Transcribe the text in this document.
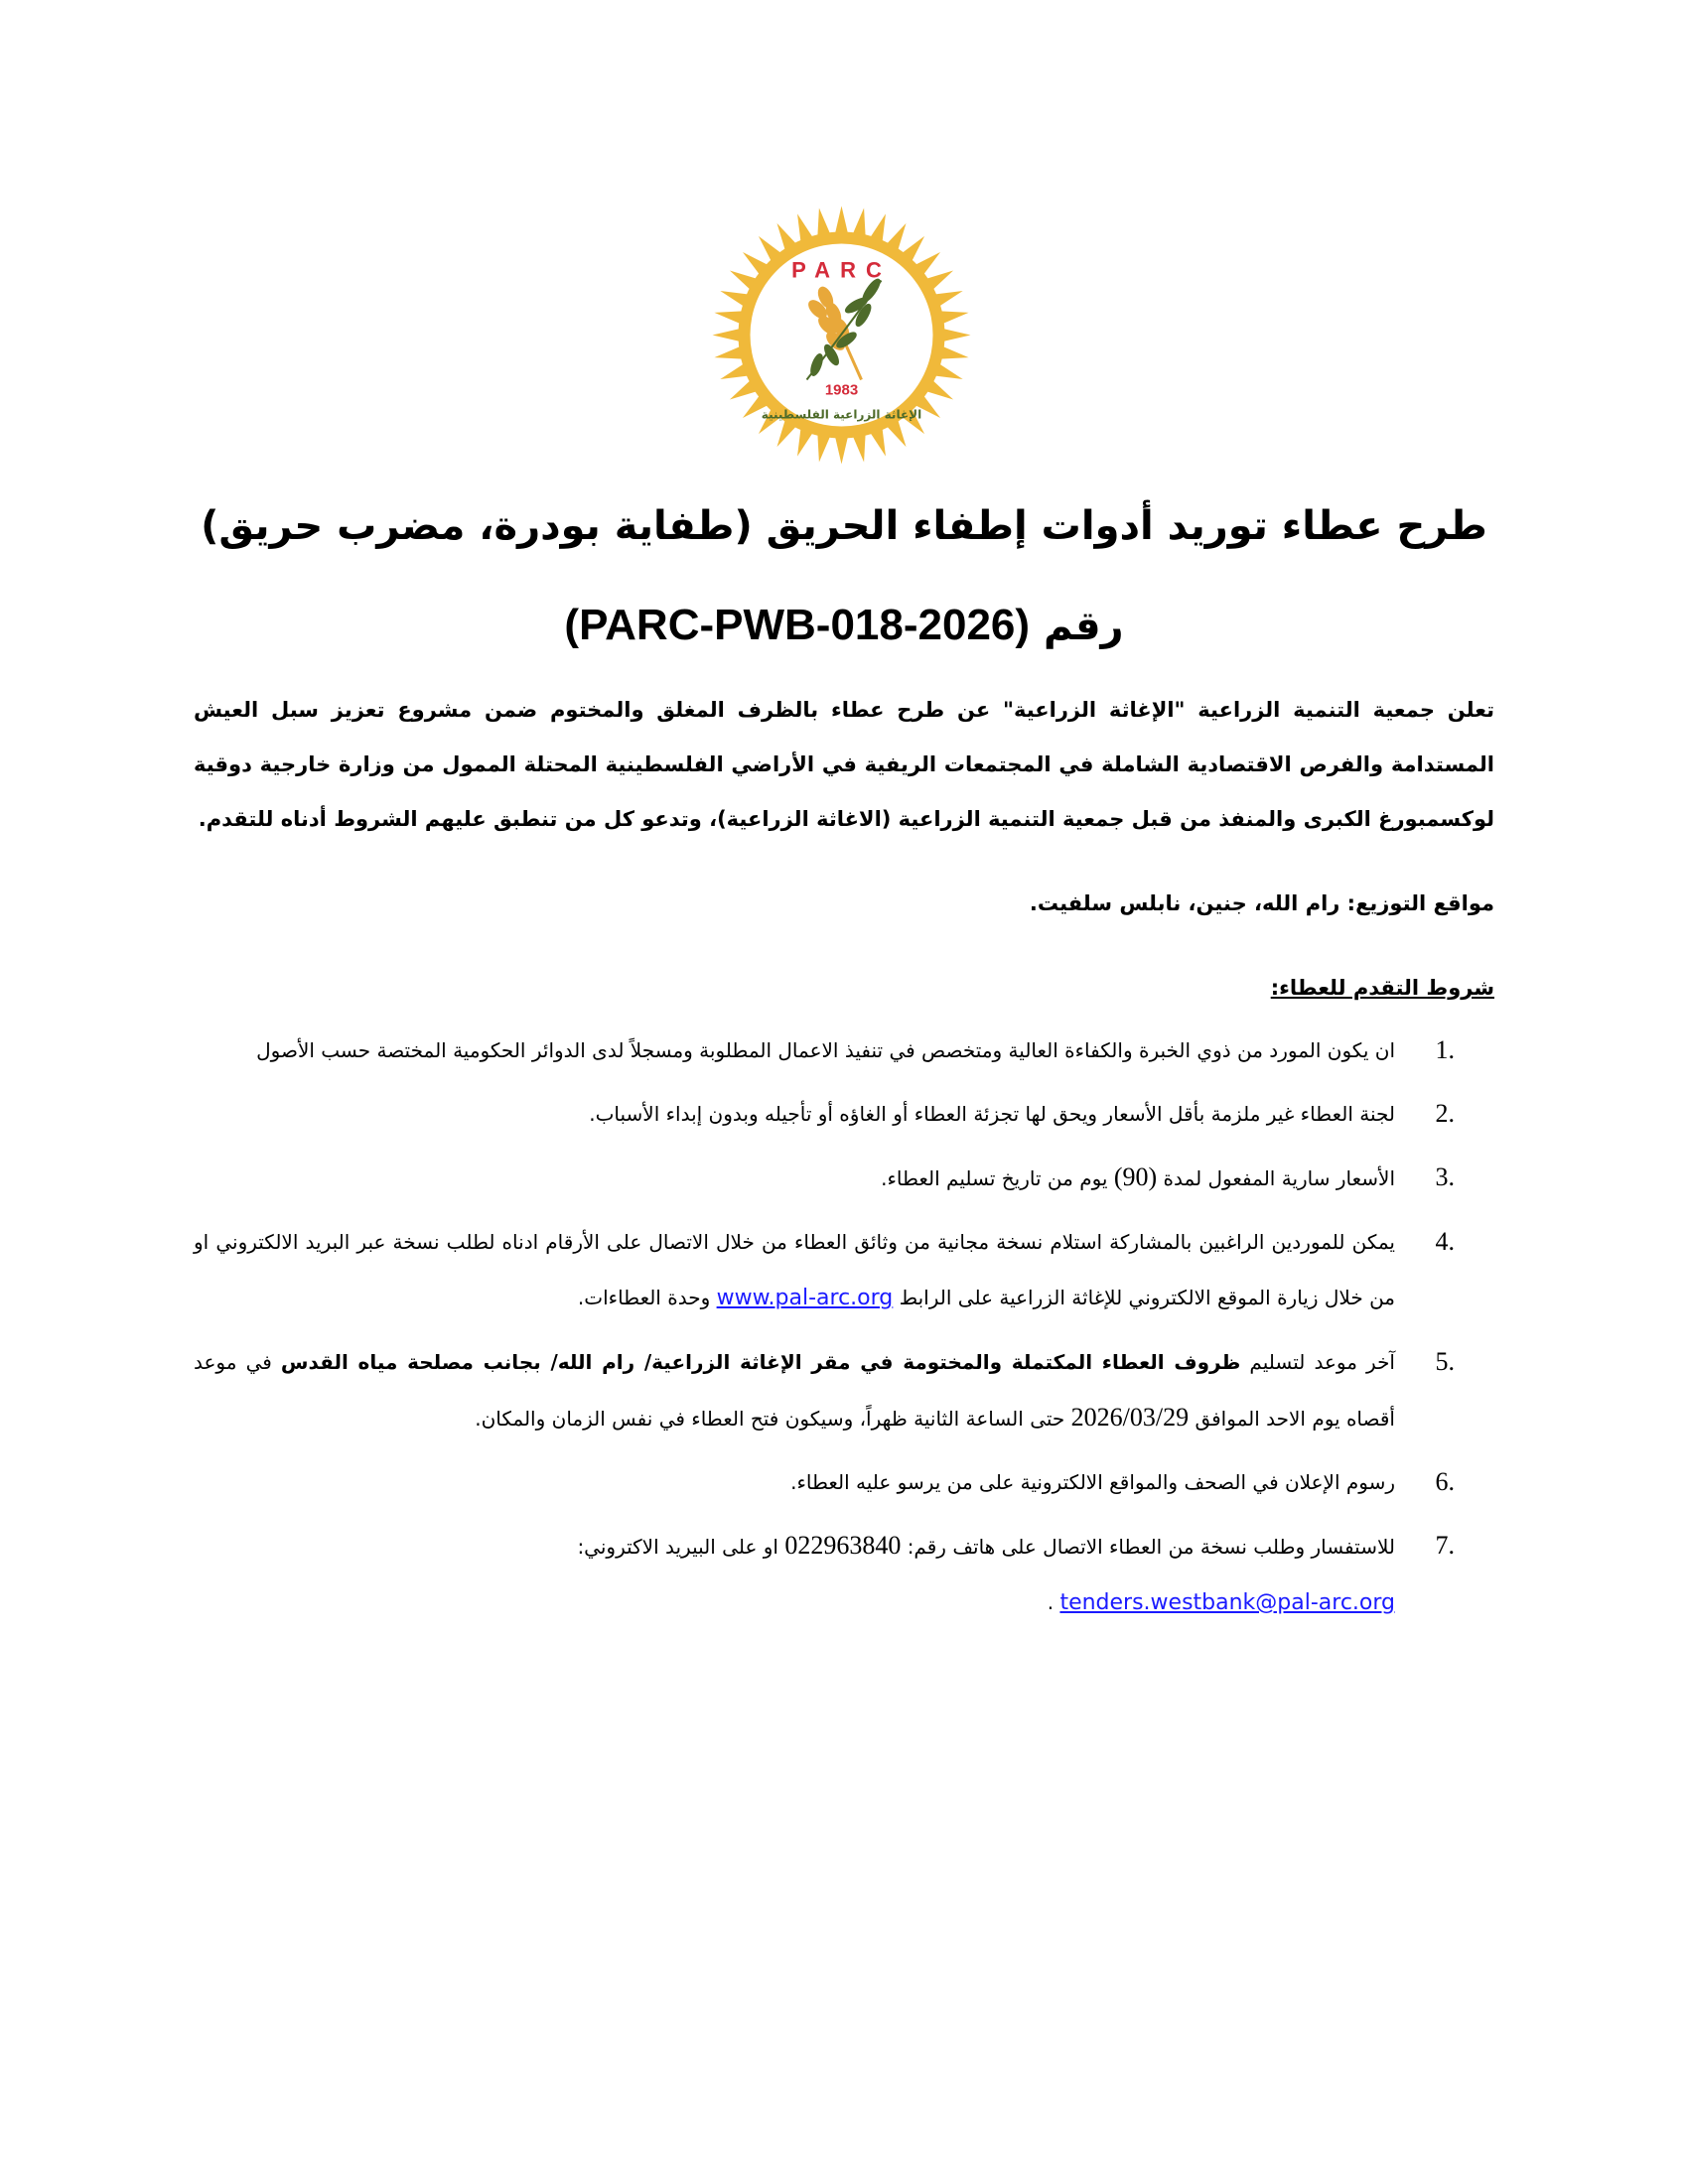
PARC
1983
الإغاثة الزراعية الفلسطينية
طرح عطاء توريد أدوات إطفاء الحريق (طفاية بودرة، مضرب حريق)
رقم (PARC-PWB-018-2026)
تعلن جمعية التنمية الزراعية "الإغاثة الزراعية" عن طرح عطاء بالظرف المغلق والمختوم ضمن مشروع تعزيز سبل العيش المستدامة والفرص الاقتصادية الشاملة في المجتمعات الريفية في الأراضي الفلسطينية المحتلة الممول من وزارة خارجية دوقية لوكسمبورغ الكبرى والمنفذ من قبل جمعية التنمية الزراعية (الاغاثة الزراعية)، وتدعو كل من تنطبق عليهم الشروط أدناه للتقدم.
مواقع التوزيع: رام الله، جنين، نابلس سلفيت.
شروط التقدم للعطاء:
1.
ان يكون المورد من ذوي الخبرة والكفاءة العالية ومتخصص في تنفيذ الاعمال المطلوبة ومسجلاً لدى الدوائر الحكومية المختصة حسب الأصول
2.
لجنة العطاء غير ملزمة بأقل الأسعار ويحق لها تجزئة العطاء أو الغاؤه أو تأجيله وبدون إبداء الأسباب.
3.
الأسعار سارية المفعول لمدة (90) يوم من تاريخ تسليم العطاء.
4.
يمكن للموردين الراغبين بالمشاركة استلام نسخة مجانية من وثائق العطاء من خلال الاتصال على الأرقام ادناه لطلب نسخة عبر البريد الالكتروني او من خلال زيارة الموقع الالكتروني للإغاثة الزراعية على الرابط www.pal-arc.org وحدة العطاءات.
5.
آخر موعد لتسليم ظروف العطاء المكتملة والمختومة في مقر الإغاثة الزراعية/ رام الله/ بجانب مصلحة مياه القدس في موعد أقصاه يوم الاحد الموافق 2026/03/29 حتى الساعة الثانية ظهراً، وسيكون فتح العطاء في نفس الزمان والمكان.
6.
رسوم الإعلان في الصحف والمواقع الالكترونية على من يرسو عليه العطاء.
7.
للاستفسار وطلب نسخة من العطاء الاتصال على هاتف رقم: 022963840 او على البيريد الاكتروني:
tenders.westbank@pal-arc.org .
